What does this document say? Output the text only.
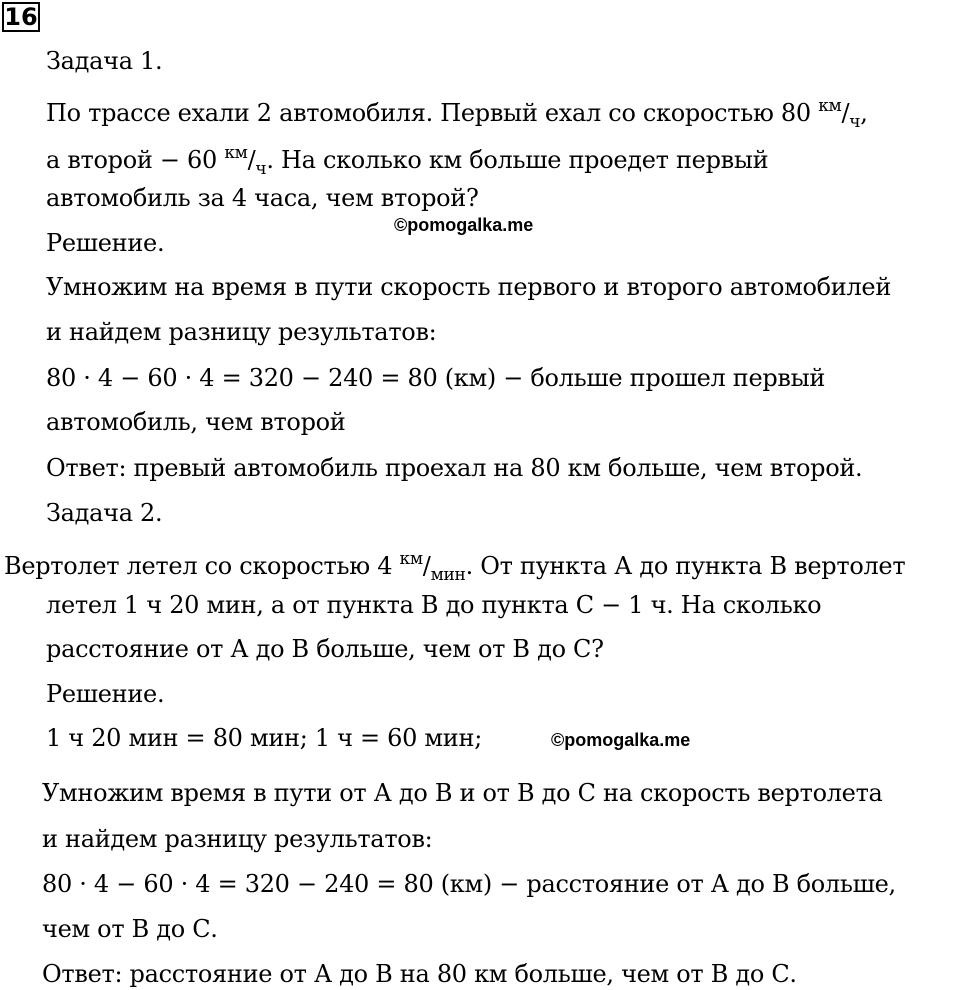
16
Задача 1.
По трассе ехали 2 автомобиля. Первый ехал со скоростью 80 $^{км}/_ч$,
а второй − 60 $^{км}/_ч$. На сколько км больше проедет первый
автомобиль за 4 часа, чем второй?
©pomogalka.me
Решение.
Умножим на время в пути скорость первого и второго автомобилей
и найдем разницу результатов:
80 · 4 − 60 · 4 = 320 − 240 = 80 (км) − больше прошел первый
автомобиль, чем второй
Ответ: превый автомобиль проехал на 80 км больше, чем второй.
Задача 2.
Вертолет летел со скоростью 4 $^{км}/_{мин}$. От пункта А до пункта В вертолет
летел 1 ч 20 мин, а от пункта В до пункта С − 1 ч. На сколько
расстояние от А до В больше, чем от В до С?
Решение.
1 ч 20 мин = 80 мин; 1 ч = 60 мин;	©pomogalka.me
Умножим время в пути от А до В и от В до С на скорость вертолета
и найдем разницу результатов:
80 · 4 − 60 · 4 = 320 − 240 = 80 (км) − расстояние от А до В больше,
чем от В до С.
Ответ: расстояние от А до В на 80 км больше, чем от В до С.
